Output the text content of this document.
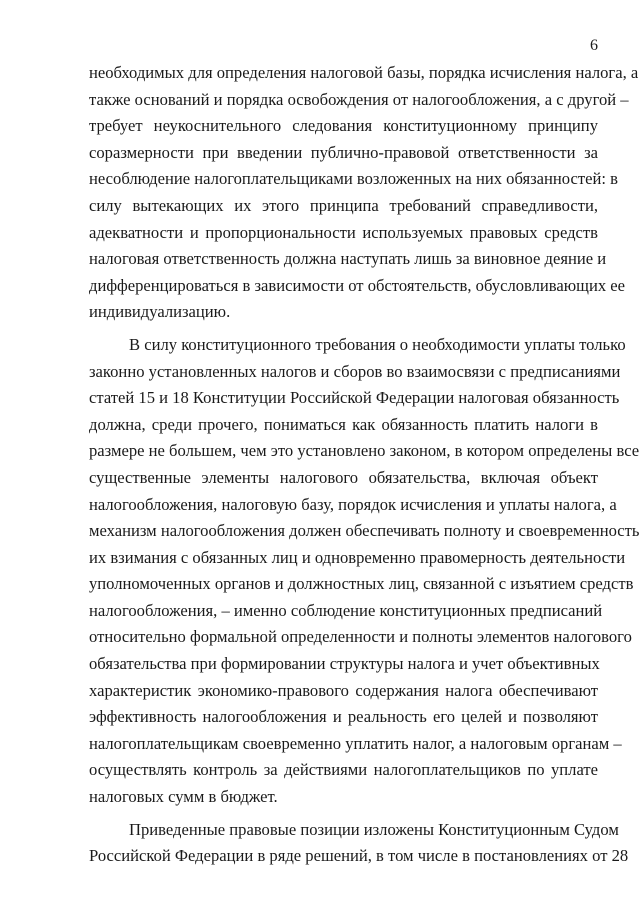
6
необходимых для определения налоговой базы, порядка исчисления налога, а
также оснований и порядка освобождения от налогообложения, а с другой –
требует неукоснительного следования конституционному принципу
соразмерности при введении публично-правовой ответственности за
несоблюдение налогоплательщиками возложенных на них обязанностей: в
силу вытекающих их этого принципа требований справедливости,
адекватности и пропорциональности используемых правовых средств
налоговая ответственность должна наступать лишь за виновное деяние и
дифференцироваться в зависимости от обстоятельств, обусловливающих ее
индивидуализацию.
В силу конституционного требования о необходимости уплаты только
законно установленных налогов и сборов во взаимосвязи с предписаниями
статей 15 и 18 Конституции Российской Федерации налоговая обязанность
должна, среди прочего, пониматься как обязанность платить налоги в
размере не большем, чем это установлено законом, в котором определены все
существенные элементы налогового обязательства, включая объект
налогообложения, налоговую базу, порядок исчисления и уплаты налога, а
механизм налогообложения должен обеспечивать полноту и своевременность
их взимания с обязанных лиц и одновременно правомерность деятельности
уполномоченных органов и должностных лиц, связанной с изъятием средств
налогообложения, – именно соблюдение конституционных предписаний
относительно формальной определенности и полноты элементов налогового
обязательства при формировании структуры налога и учет объективных
характеристик экономико-правового содержания налога обеспечивают
эффективность налогообложения и реальность его целей и позволяют
налогоплательщикам своевременно уплатить налог, а налоговым органам –
осуществлять контроль за действиями налогоплательщиков по уплате
налоговых сумм в бюджет.
Приведенные правовые позиции изложены Конституционным Судом
Российской Федерации в ряде решений, в том числе в постановлениях от 28
